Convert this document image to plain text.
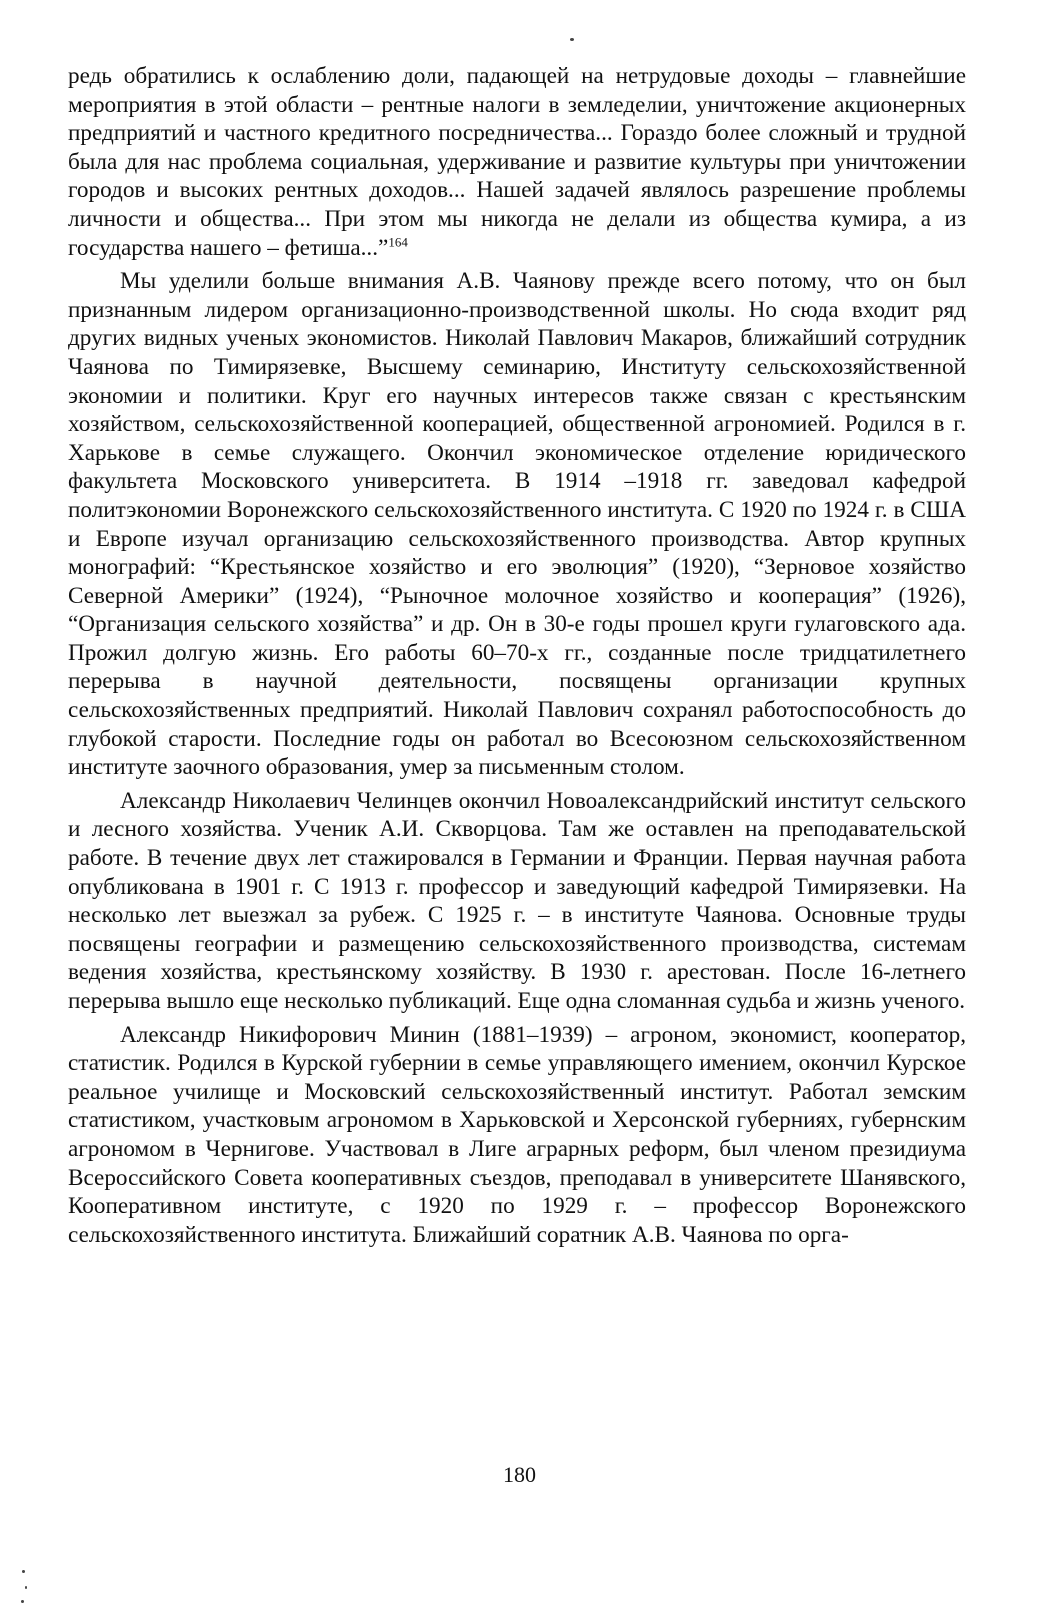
редь обратились к ослаблению доли, падающей на нетрудовые доходы – главнейшие мероприятия в этой области – рентные налоги в земледелии, уничтожение акционерных предприятий и частного кредитного посредничества... Гораздо более сложный и трудной была для нас проблема социальная, удерживание и развитие культуры при уничтожении городов и высоких рентных доходов... Нашей задачей являлось разрешение проблемы личности и общества... При этом мы никогда не делали из общества кумира, а из государства нашего – фетиша...”$^{164}$

Мы уделили больше внимания А.В. Чаянову прежде всего потому, что он был признанным лидером организационно-производственной школы. Но сюда входит ряд других видных ученых экономистов. Николай Павлович Макаров, ближайший сотрудник Чаянова по Тимирязевке, Высшему семинарию, Институту сельскохозяйственной экономии и политики. Круг его научных интересов также связан с крестьянским хозяйством, сельскохозяйственной кооперацией, общественной агрономией. Родился в г. Харькове в семье служащего. Окончил экономическое отделение юридического факультета Московского университета. В 1914 –1918 гг. заведовал кафедрой политэкономии Воронежского сельскохозяйственного института. С 1920 по 1924 г. в США и Европе изучал организацию сельскохозяйственного производства. Автор крупных монографий: “Крестьянское хозяйство и его эволюция” (1920), “Зерновое хозяйство Северной Америки” (1924), “Рыночное молочное хозяйство и кооперация” (1926), “Организация сельского хозяйства” и др. Он в 30-е годы прошел круги гулаговского ада. Прожил долгую жизнь. Его работы 60–70-х гг., созданные после тридцатилетнего перерыва в научной деятельности, посвящены организации крупных сельскохозяйственных предприятий. Николай Павлович сохранял работоспособность до глубокой старости. Последние годы он работал во Всесоюзном сельскохозяйственном институте заочного образования, умер за письменным столом.

Александр Николаевич Челинцев окончил Новоалександрийский институт сельского и лесного хозяйства. Ученик А.И. Скворцова. Там же оставлен на преподавательской работе. В течение двух лет стажировался в Германии и Франции. Первая научная работа опубликована в 1901 г. С 1913 г. профессор и заведующий кафедрой Тимирязевки. На несколько лет выезжал за рубеж. С 1925 г. – в институте Чаянова. Основные труды посвящены географии и размещению сельскохозяйственного производства, системам ведения хозяйства, крестьянскому хозяйству. В 1930 г. арестован. После 16-летнего перерыва вышло еще несколько публикаций. Еще одна сломанная судьба и жизнь ученого.

Александр Никифорович Минин (1881–1939) – агроном, экономист, кооператор, статистик. Родился в Курской губернии в семье управляющего имением, окончил Курское реальное училище и Московский сельскохозяйственный институт. Работал земским статистиком, участковым агрономом в Харьковской и Херсонской губерниях, губернским агрономом в Чернигове. Участвовал в Лиге аграрных реформ, был членом президиума Всероссийского Совета кооперативных съездов, преподавал в университете Шанявского, Кооперативном институте, с 1920 по 1929 г. – профессор Воронежского сельскохозяйственного института. Ближайший соратник А.В. Чаянова по орга-

180
